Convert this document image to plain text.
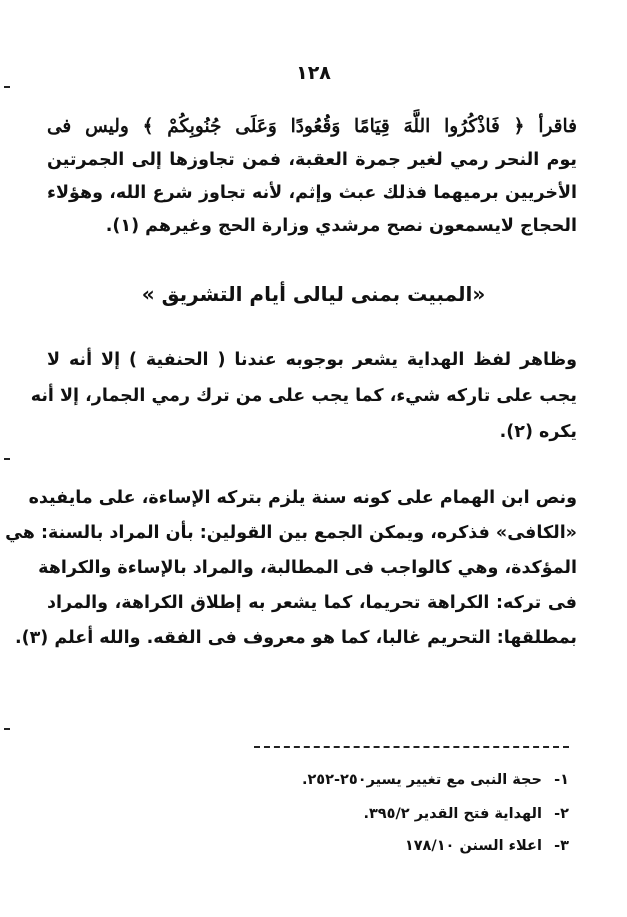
١٢٨
فاقرأ ﴿ فَاذْكُرُوا اللَّهَ قِيَامًا وَقُعُودًا وَعَلَى جُنُوبِكُمْ ﴾ وليس فى
يوم النحر رمي لغير جمرة العقبة، فمن تجاوزها إلى الجمرتين
الأخريين برميهما فذلك عبث وإثم، لأنه تجاوز شرع الله، وهؤلاء
الحجاج لايسمعون نصح مرشدي وزارة الحج وغيرهم (١).
«المبيت بمنى ليالى أيام التشريق »
وظاهر لفظ الهداية يشعر بوجوبه عندنا ( الحنفية ) إلا أنه لا
يجب على تاركه شيء، كما يجب على من ترك رمي الجمار، إلا أنه
يكره (٢).
ونص ابن الهمام على كونه سنة يلزم بتركه الإساءة، على مايفيده
«الكافى» فذكره، ويمكن الجمع بين القولين: بأن المراد بالسنة: هي
المؤكدة، وهي كالواجب فى المطالبة، والمراد بالإساءة والكراهة
فى تركه: الكراهة تحريما، كما يشعر به إطلاق الكراهة، والمراد
بمطلقها: التحريم غالبا، كما هو معروف فى الفقه. والله أعلم (٣).
١- حجة النبى مع تغيير يسير٢٥٠-٢٥٢.
٢- الهداية فتح القدير ٣٩٥/٢.
٣- اعلاء السنن ١٧٨/١٠
